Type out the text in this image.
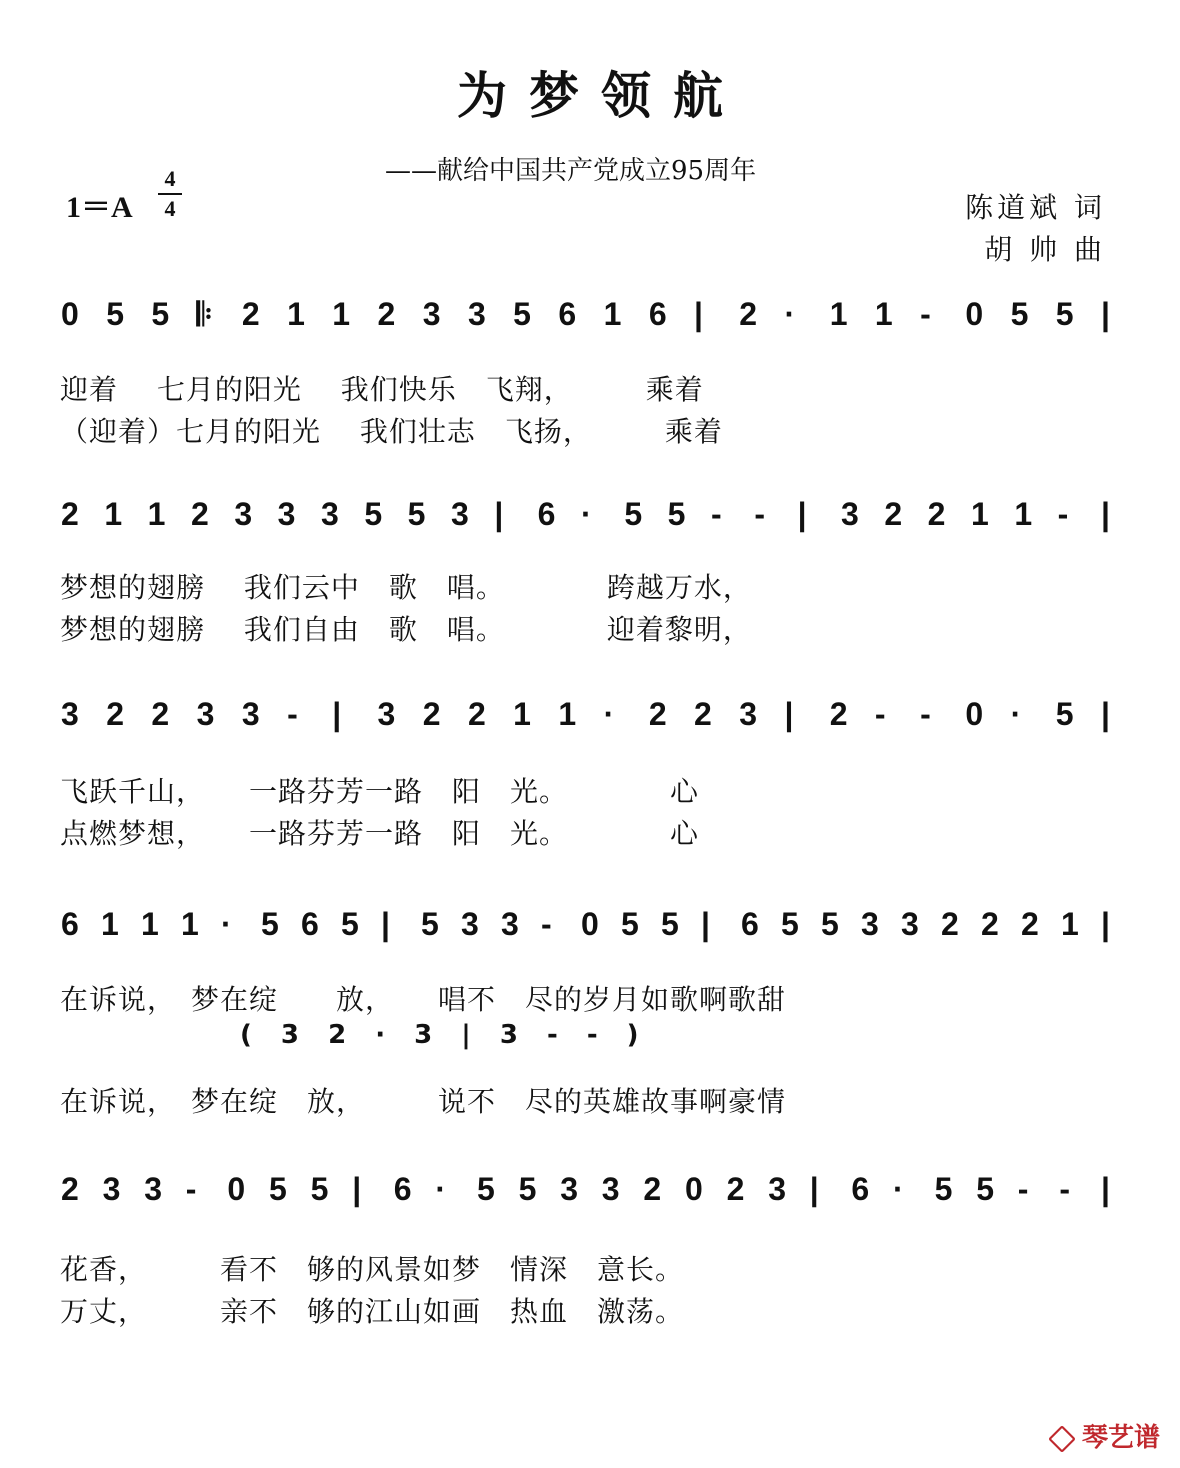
为梦领航
——献给中国共产党成立95周年
1＝A
4
4	陈道斌 词
胡 帅 曲
0 5 5 𝄆 2 1 1 2 3 3 5 6 1 6 | 2 · 1 1 - 0 5 5 |
迎着　 七月的阳光　 我们快乐　飞翔，　　　乘着
（迎着）七月的阳光　 我们壮志　飞扬，　　　乘着
2 1 1 2 3 3 3 5 5 3 | 6 · 5 5 - - | 3 2 2 1 1 - |
梦想的翅膀　 我们云中　歌　唱。　　　　跨越万水，
梦想的翅膀　 我们自由　歌　唱。　　　　迎着黎明，
3 2 2 3 3 - | 3 2 2 1 1 · 2 2 3 | 2 - - 0 · 5 |
飞跃千山，　　一路芬芳一路　阳　光。　　　　心
点燃梦想，　　一路芬芳一路　阳　光。　　　　心
6 1 1 1 · 5 6 5 | 5 3 3 - 0 5 5 | 6 5 5 3 3 2 2 2 1 |
在诉说，　梦在绽　　放，　　唱不　尽的岁月如歌啊歌甜
在诉说，　梦在绽　放，　　　说不　尽的英雄故事啊豪情
( 3 2 · 3 | 3 - - )
2 3 3 - 0 5 5 | 6 · 5 5 3 3 2 0 2 3 | 6 · 5 5 - - |
花香，　　　看不　够的风景如梦　情深　意长。
万丈，　　　亲不　够的江山如画　热血　激荡。
琴艺谱
